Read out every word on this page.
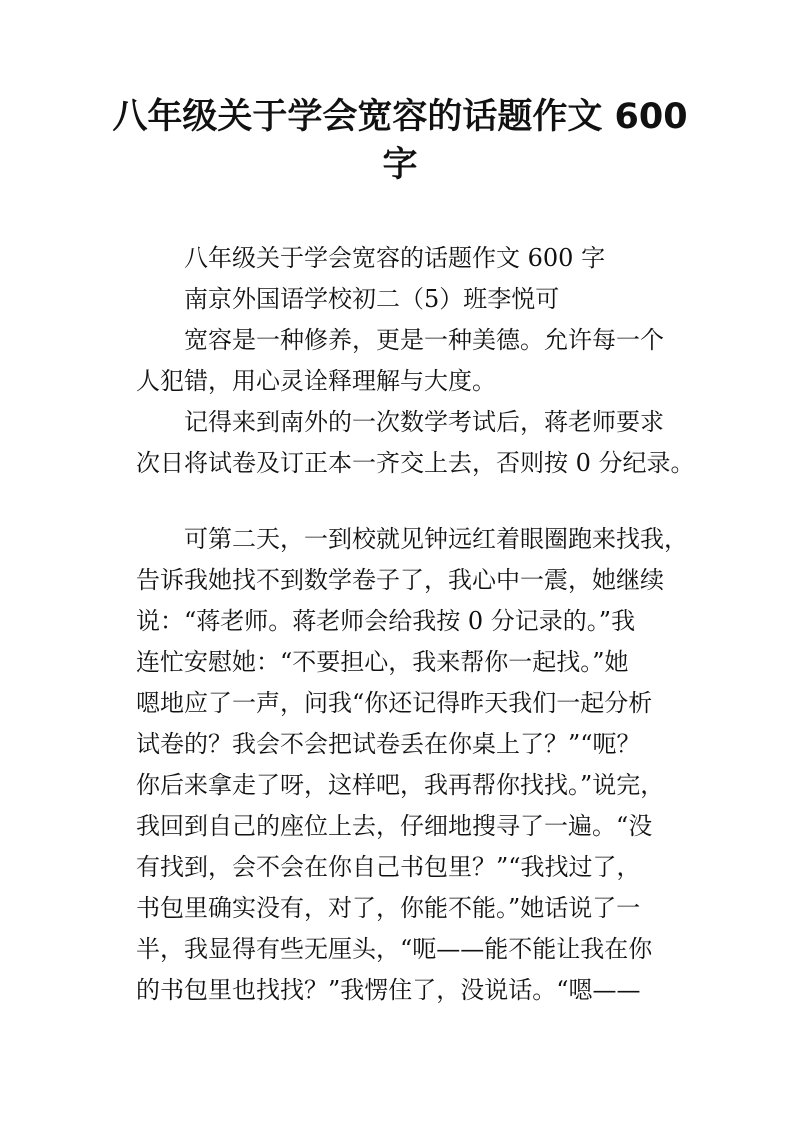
八年级关于学会宽容的话题作文 600
字
八年级关于学会宽容的话题作文 600 字
南京外国语学校初二（5）班李悦可
宽容是一种修养，更是一种美德。允许每一个
人犯错，用心灵诠释理解与大度。
记得来到南外的一次数学考试后，蒋老师要求
次日将试卷及订正本一齐交上去，否则按 0 分纪录。
可第二天，一到校就见钟远红着眼圈跑来找我，
告诉我她找不到数学卷子了，我心中一震，她继续
说：“蒋老师。蒋老师会给我按 0 分记录的。”我
连忙安慰她：“不要担心，我来帮你一起找。”她
嗯地应了一声，问我“你还记得昨天我们一起分析
试卷的？我会不会把试卷丢在你桌上了？”“呃？
你后来拿走了呀，这样吧，我再帮你找找。”说完，
我回到自己的座位上去，仔细地搜寻了一遍。“没
有找到，会不会在你自己书包里？”“我找过了，
书包里确实没有，对了，你能不能。”她话说了一
半，我显得有些无厘头，“呃——能不能让我在你
的书包里也找找？”我愣住了，没说话。“嗯——
